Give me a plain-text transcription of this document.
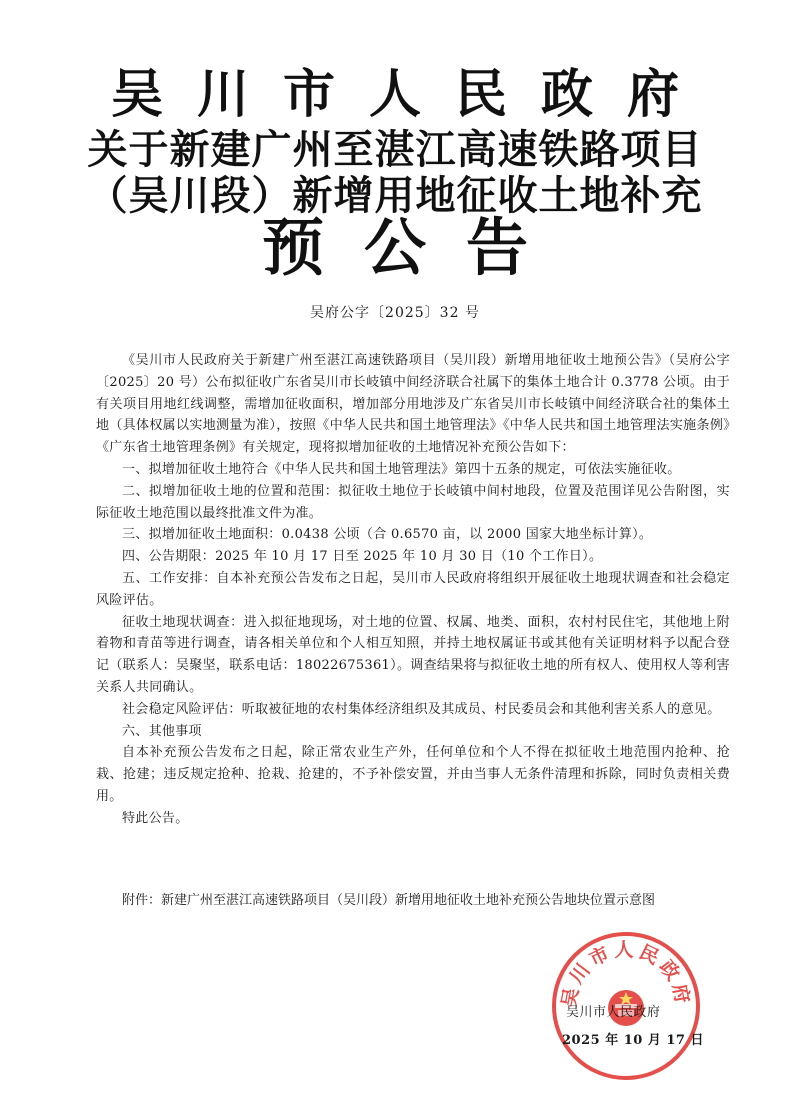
吴川市人民政府
关于新建广州至湛江高速铁路项目
（吴川段）新增用地征收土地补充
预公告
吴府公字〔2025〕32 号

《吴川市人民政府关于新建广州至湛江高速铁路项目（吴川段）新增用地征收土地预公告》（吴府公字〔2025〕20 号）公布拟征收广东省吴川市长岐镇中间经济联合社属下的集体土地合计 0.3778 公顷。由于有关项目用地红线调整，需增加征收面积，增加部分用地涉及广东省吴川市长岐镇中间经济联合社的集体土地（具体权属以实地测量为准），按照《中华人民共和国土地管理法》《中华人民共和国土地管理法实施条例》《广东省土地管理条例》有关规定，现将拟增加征收的土地情况补充预公告如下：

一、拟增加征收土地符合《中华人民共和国土地管理法》第四十五条的规定，可依法实施征收。

二、拟增加征收土地的位置和范围：拟征收土地位于长岐镇中间村地段，位置及范围详见公告附图，实际征收土地范围以最终批准文件为准。

三、拟增加征收土地面积：0.0438 公顷（合 0.6570 亩，以 2000 国家大地坐标计算）。

四、公告期限：2025 年 10 月 17 日至 2025 年 10 月 30 日（10 个工作日）。

五、工作安排：自本补充预公告发布之日起，吴川市人民政府将组织开展征收土地现状调查和社会稳定风险评估。

征收土地现状调查：进入拟征地现场，对土地的位置、权属、地类、面积，农村村民住宅，其他地上附着物和青苗等进行调查，请各相关单位和个人相互知照，并持土地权属证书或其他有关证明材料予以配合登记（联系人：吴聚坚，联系电话：18022675361）。调查结果将与拟征收土地的所有权人、使用权人等利害关系人共同确认。

社会稳定风险评估：听取被征地的农村集体经济组织及其成员、村民委员会和其他利害关系人的意见。

六、其他事项

自本补充预公告发布之日起，除正常农业生产外，任何单位和个人不得在拟征收土地范围内抢种、抢栽、抢建；违反规定抢种、抢栽、抢建的，不予补偿安置，并由当事人无条件清理和拆除，同时负责相关费用。

特此公告。

附件：新建广州至湛江高速铁路项目（吴川段）新增用地征收土地补充预公告地块位置示意图
吴川市人民政府
吴川市人民政府
2025 年 10 月 17 日
